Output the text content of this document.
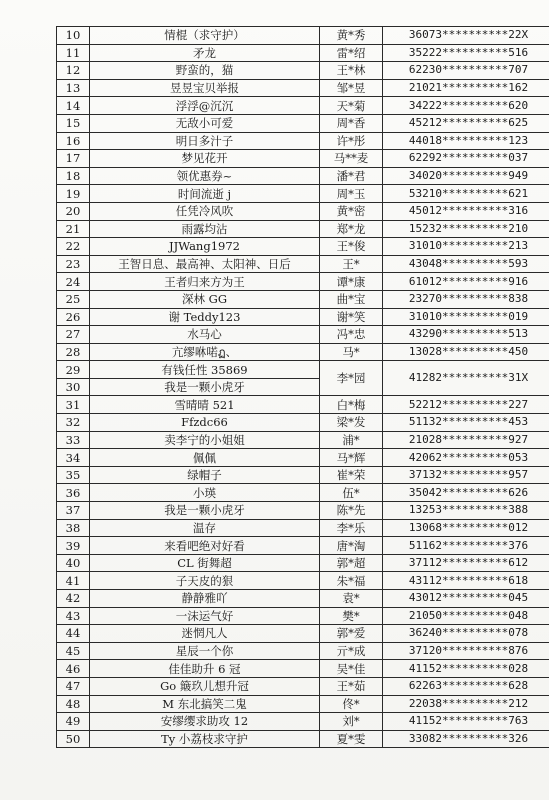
10	情棍（求守护）	黄*秀	36073**********22X
11	矛龙	雷*绍	35222**********516
12	野蛮的，猫	王*林	62230**********707
13	昱昱宝贝举报	邹*昱	21021**********162
14	浮浮@沉沉	天*菊	34222**********620
15	无敌小可爱	周*香	45212**********625
16	明日多汁子	许*彤	44018**********123
17	梦见花开	马**麦	62292**********037
18	领优惠券~	潘*君	34020**********949
19	时间流逝 j	周*玉	53210**********621
20	任凭冷风吹	黄*密	45012**********316
21	雨露均沾	郑*龙	15232**********210
22	JJWang1972	王*俊	31010**********213
23	王智日息、最高神、太阳神、日后	王*	43048**********593
24	王者归来方为王	谭*康	61012**********916
25	深林 GG	曲*宝	23270**********838
26	谢 Teddy123	谢*笑	31010**********019
27	水马心	冯*忠	43290**********513
28	亢缪咻喏ฏ、	马*	13028**********450
29	有钱任性 35869	李*园	41282**********31X
30	我是一颗小虎牙		
31	雪晴晴 521	白*梅	52212**********227
32	Ffzdc66	梁*发	51132**********453
33	卖李宁的小姐姐	浦*	21028**********927
34	佩佩	马*辉	42062**********053
35	绿帽子	崔*荣	37132**********957
36	小瑛	伍*	35042**********626
37	我是一颗小虎牙	陈*先	13253**********388
38	温存	李*乐	13068**********012
39	来看吧绝对好看	唐*淘	51162**********376
40	CL 街舞超	郭*超	37112**********612
41	子天皮的狠	朱*福	43112**********618
42	静静雅吖	袁*	43012**********045
43	一沫运气好	樊*	21050**********048
44	迷惘凡人	郭*爱	36240**********078
45	星辰一个你	亓*成	37120**********876
46	佳佳助升 6 冠	吴*佳	41152**********028
47	Go 簸玖儿想升冠	王*茹	62263**********628
48	M 东北搞笑二鬼	佟*	22038**********212
49	安缪缨求助攻 12	刘*	41152**********763
50	Ty 小荔枝求守护	夏*雯	33082**********326
